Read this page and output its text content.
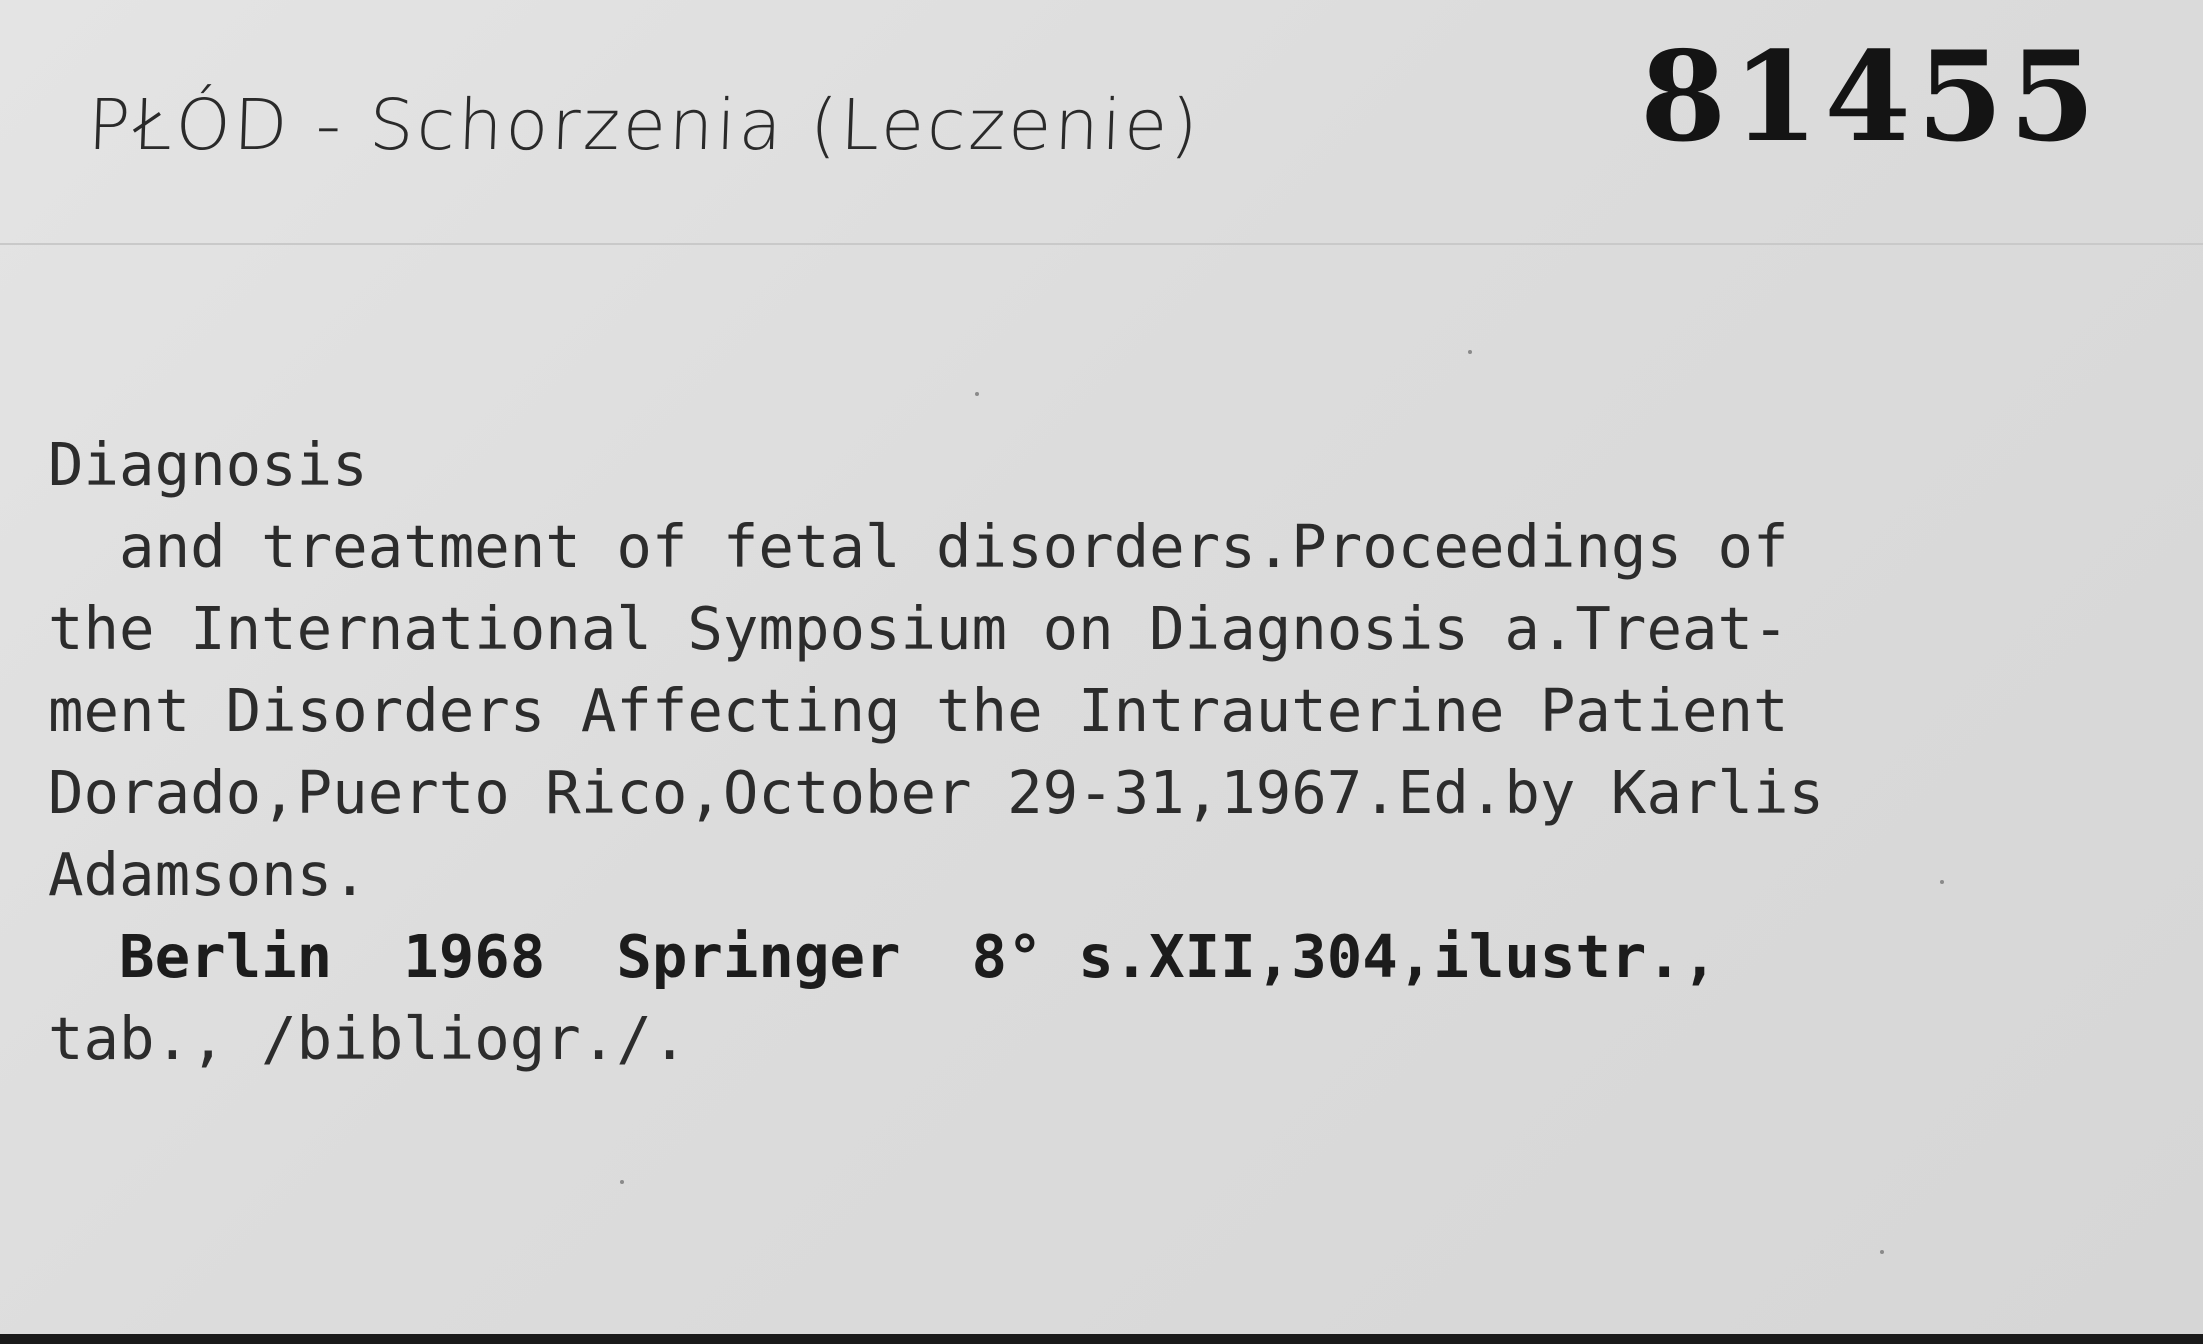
PŁÓD - Schorzenia (Leczenie)	81455
Diagnosis
and treatment of fetal disorders.Proceedings of
the International Symposium on Diagnosis a.Treat-
ment Disorders Affecting the Intrauterine Patient
Dorado,Puerto Rico,October 29-31,1967.Ed.by Karlis
Adamsons.
Berlin  1968  Springer  8° s.XII,304,ilustr.,
tab., /bibliogr./.
